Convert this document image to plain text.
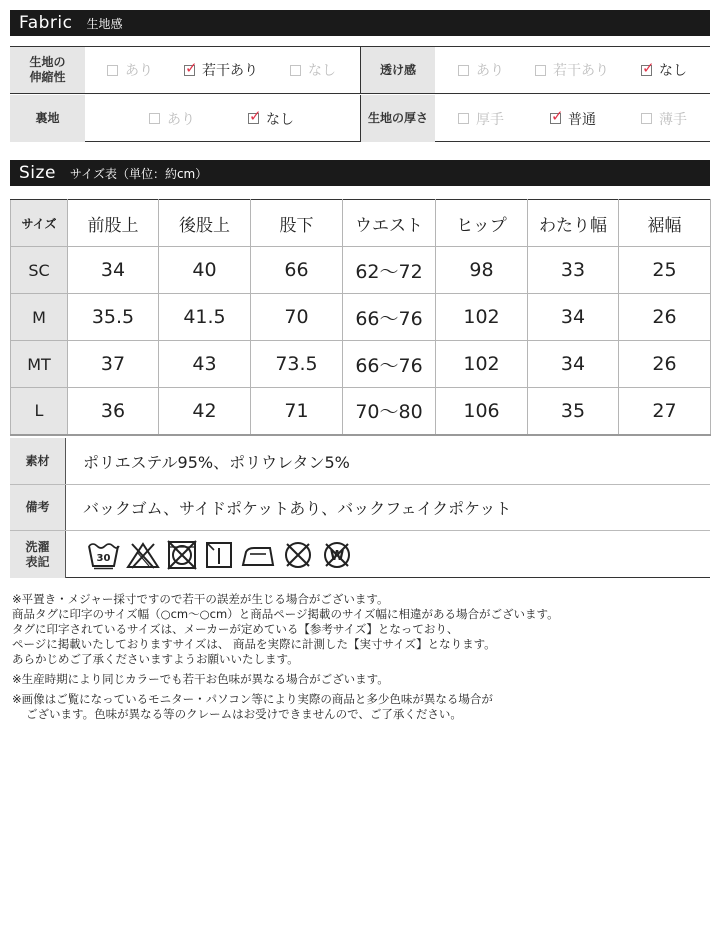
Fabric 生地感
生地の
伸縮性	あり ✓	若干あり	なし	透け感	あり	若干あり ✓	なし
裏地	あり ✓	なし	生地の厚さ	厚手 ✓	普通	薄手
Size サイズ表（単位：約cm）
サイズ	前股上	後股上	股下	ウエスト	ヒップ	わたり幅	裾幅
SC	34	40	66	62〜72	98	33	25
M	35.5	41.5	70	66〜76	102	34	26
MT	37	43	73.5	66〜76	102	34	26
L	36	42	71	70〜80	106	35	27
素材	ポリエステル95%、ポリウレタン5%
備考	バックゴム、サイドポケットあり、バックフェイクポケット
洗濯
表記	30	W

※平置き・メジャー採寸ですので若干の誤差が生じる場合がございます。

商品タグに印字のサイズ幅（○cm〜○cm）と商品ページ掲載のサイズ幅に相違がある場合がございます。

タグに印字されているサイズは、メーカーが定めている【参考サイズ】となっており、

ページに掲載いたしておりますサイズは、 商品を実際に計測した【実寸サイズ】となります。

あらかじめご了承くださいますようお願いいたします。

※生産時期により同じカラーでも若干お色味が異なる場合がございます。

※画像はご覧になっているモニター・パソコン等により実際の商品と多少色味が異なる場合が

ございます。色味が異なる等のクレームはお受けできませんので、ご了承ください。
